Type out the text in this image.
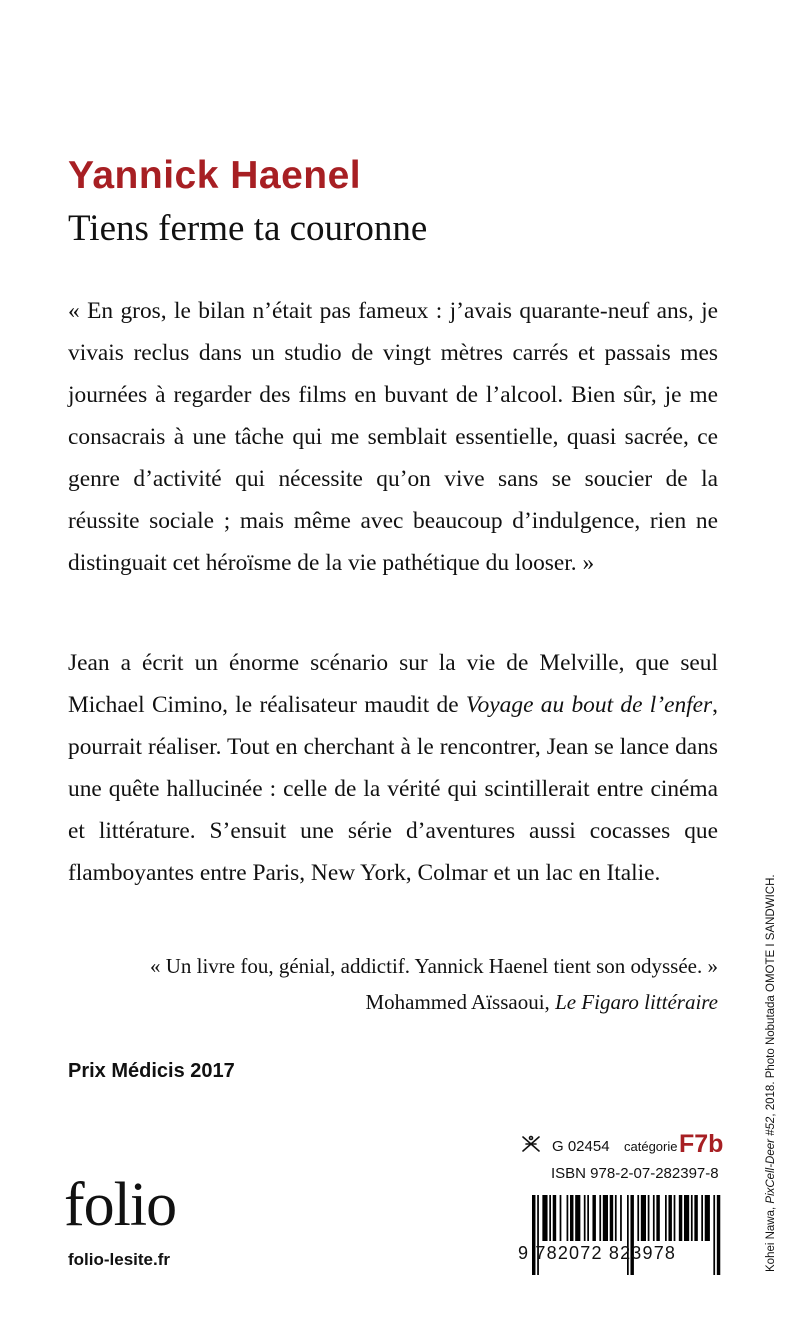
Yannick Haenel
Tiens ferme ta couronne

« En gros, le bilan n’était pas fameux : j’avais quarante-neuf ans, je vivais reclus dans un studio de vingt mètres carrés et passais mes journées à regarder des films en buvant de l’alcool. Bien sûr, je me consacrais à une tâche qui me semblait essentielle, quasi sacrée, ce genre d’activité qui nécessite qu’on vive sans se soucier de la réussite sociale ; mais même avec beaucoup d’indulgence, rien ne distinguait cet héroïsme de la vie pathétique du looser. »

Jean a écrit un énorme scénario sur la vie de Melville, que seul Michael Cimino, le réalisateur maudit de Voyage au bout de l’enfer, pourrait réaliser. Tout en cherchant à le rencontrer, Jean se lance dans une quête hallucinée : celle de la vérité qui scintillerait entre cinéma et littérature. S’ensuit une série d’aventures aussi cocasses que flamboyantes entre Paris, New York, Colmar et un lac en Italie.

« Un livre fou, génial, addictif. Yannick Haenel tient son odyssée. »
Mohammed Aïssaoui, Le Figaro littéraire
Prix Médicis 2017
folio
folio-lesite.fr
G 02454 catégorie F7b
ISBN 978-2-07-282397-8
9 782072 823978	Kohei Nawa, PixCell-Deer #52, 2018. Photo Nobutada OMOTE I SANDWICH.
